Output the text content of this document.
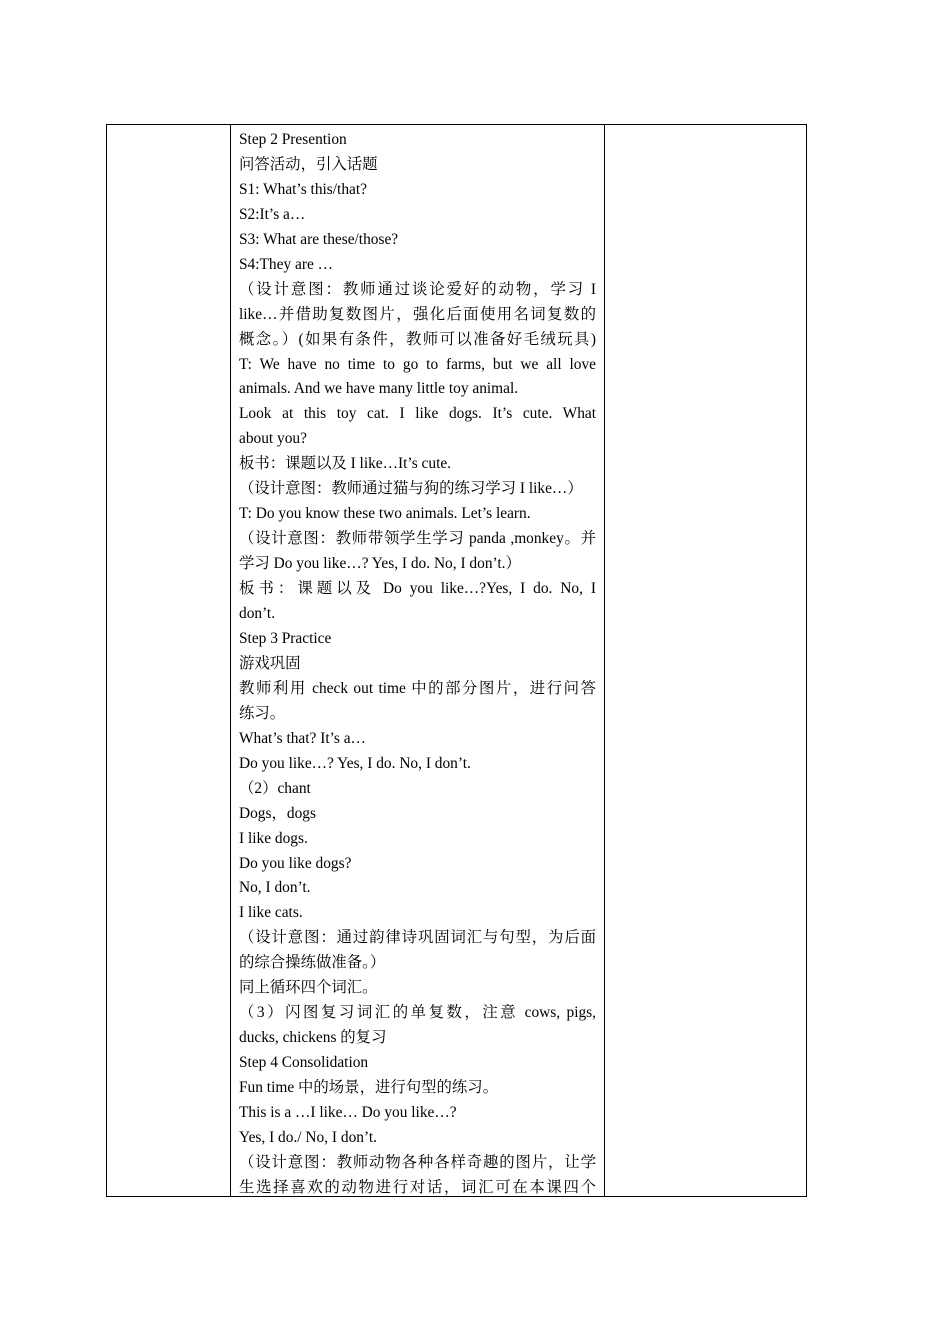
Step 2 Presention
问答活动，引入话题
S1: What’s this/that?
S2:It’s a…
S3: What are these/those?
S4:They are …
（设计意图：教师通过谈论爱好的动物，学习 I
like…并借助复数图片，强化后面使用名词复数的
概念。）(如果有条件，教师可以准备好毛绒玩具)
T: We have no time to go to farms, but we all love
animals. And we have many little toy animal.
Look at this toy cat. I like dogs. It’s cute. What
about you?
板书：课题以及 I like…It’s cute.
（设计意图：教师通过猫与狗的练习学习 I like…）
T: Do you know these two animals. Let’s learn.
（设计意图：教师带领学生学习 panda ,monkey。并
学习 Do you like…? Yes, I do. No, I don’t.）
板书：课题以及 Do you like…?Yes, I do. No, I
don’t.
Step 3 Practice
游戏巩固
教师利用 check out time 中的部分图片，进行问答
练习。
What’s that? It’s a…
Do you like…? Yes, I do. No, I don’t.
（2）chant
Dogs，dogs
I like dogs.
Do you like dogs?
No, I don’t.
I like cats.
（设计意图：通过韵律诗巩固词汇与句型，为后面
的综合操练做准备。）
同上循环四个词汇。
（3）闪图复习词汇的单复数，注意 cows, pigs,
ducks, chickens 的复习
Step 4 Consolidation
Fun time 中的场景，进行句型的练习。
This is a …I like… Do you like…?
Yes, I do./ No, I don’t.
（设计意图：教师动物各种各样奇趣的图片，让学
生选择喜欢的动物进行对话，词汇可在本课四个
